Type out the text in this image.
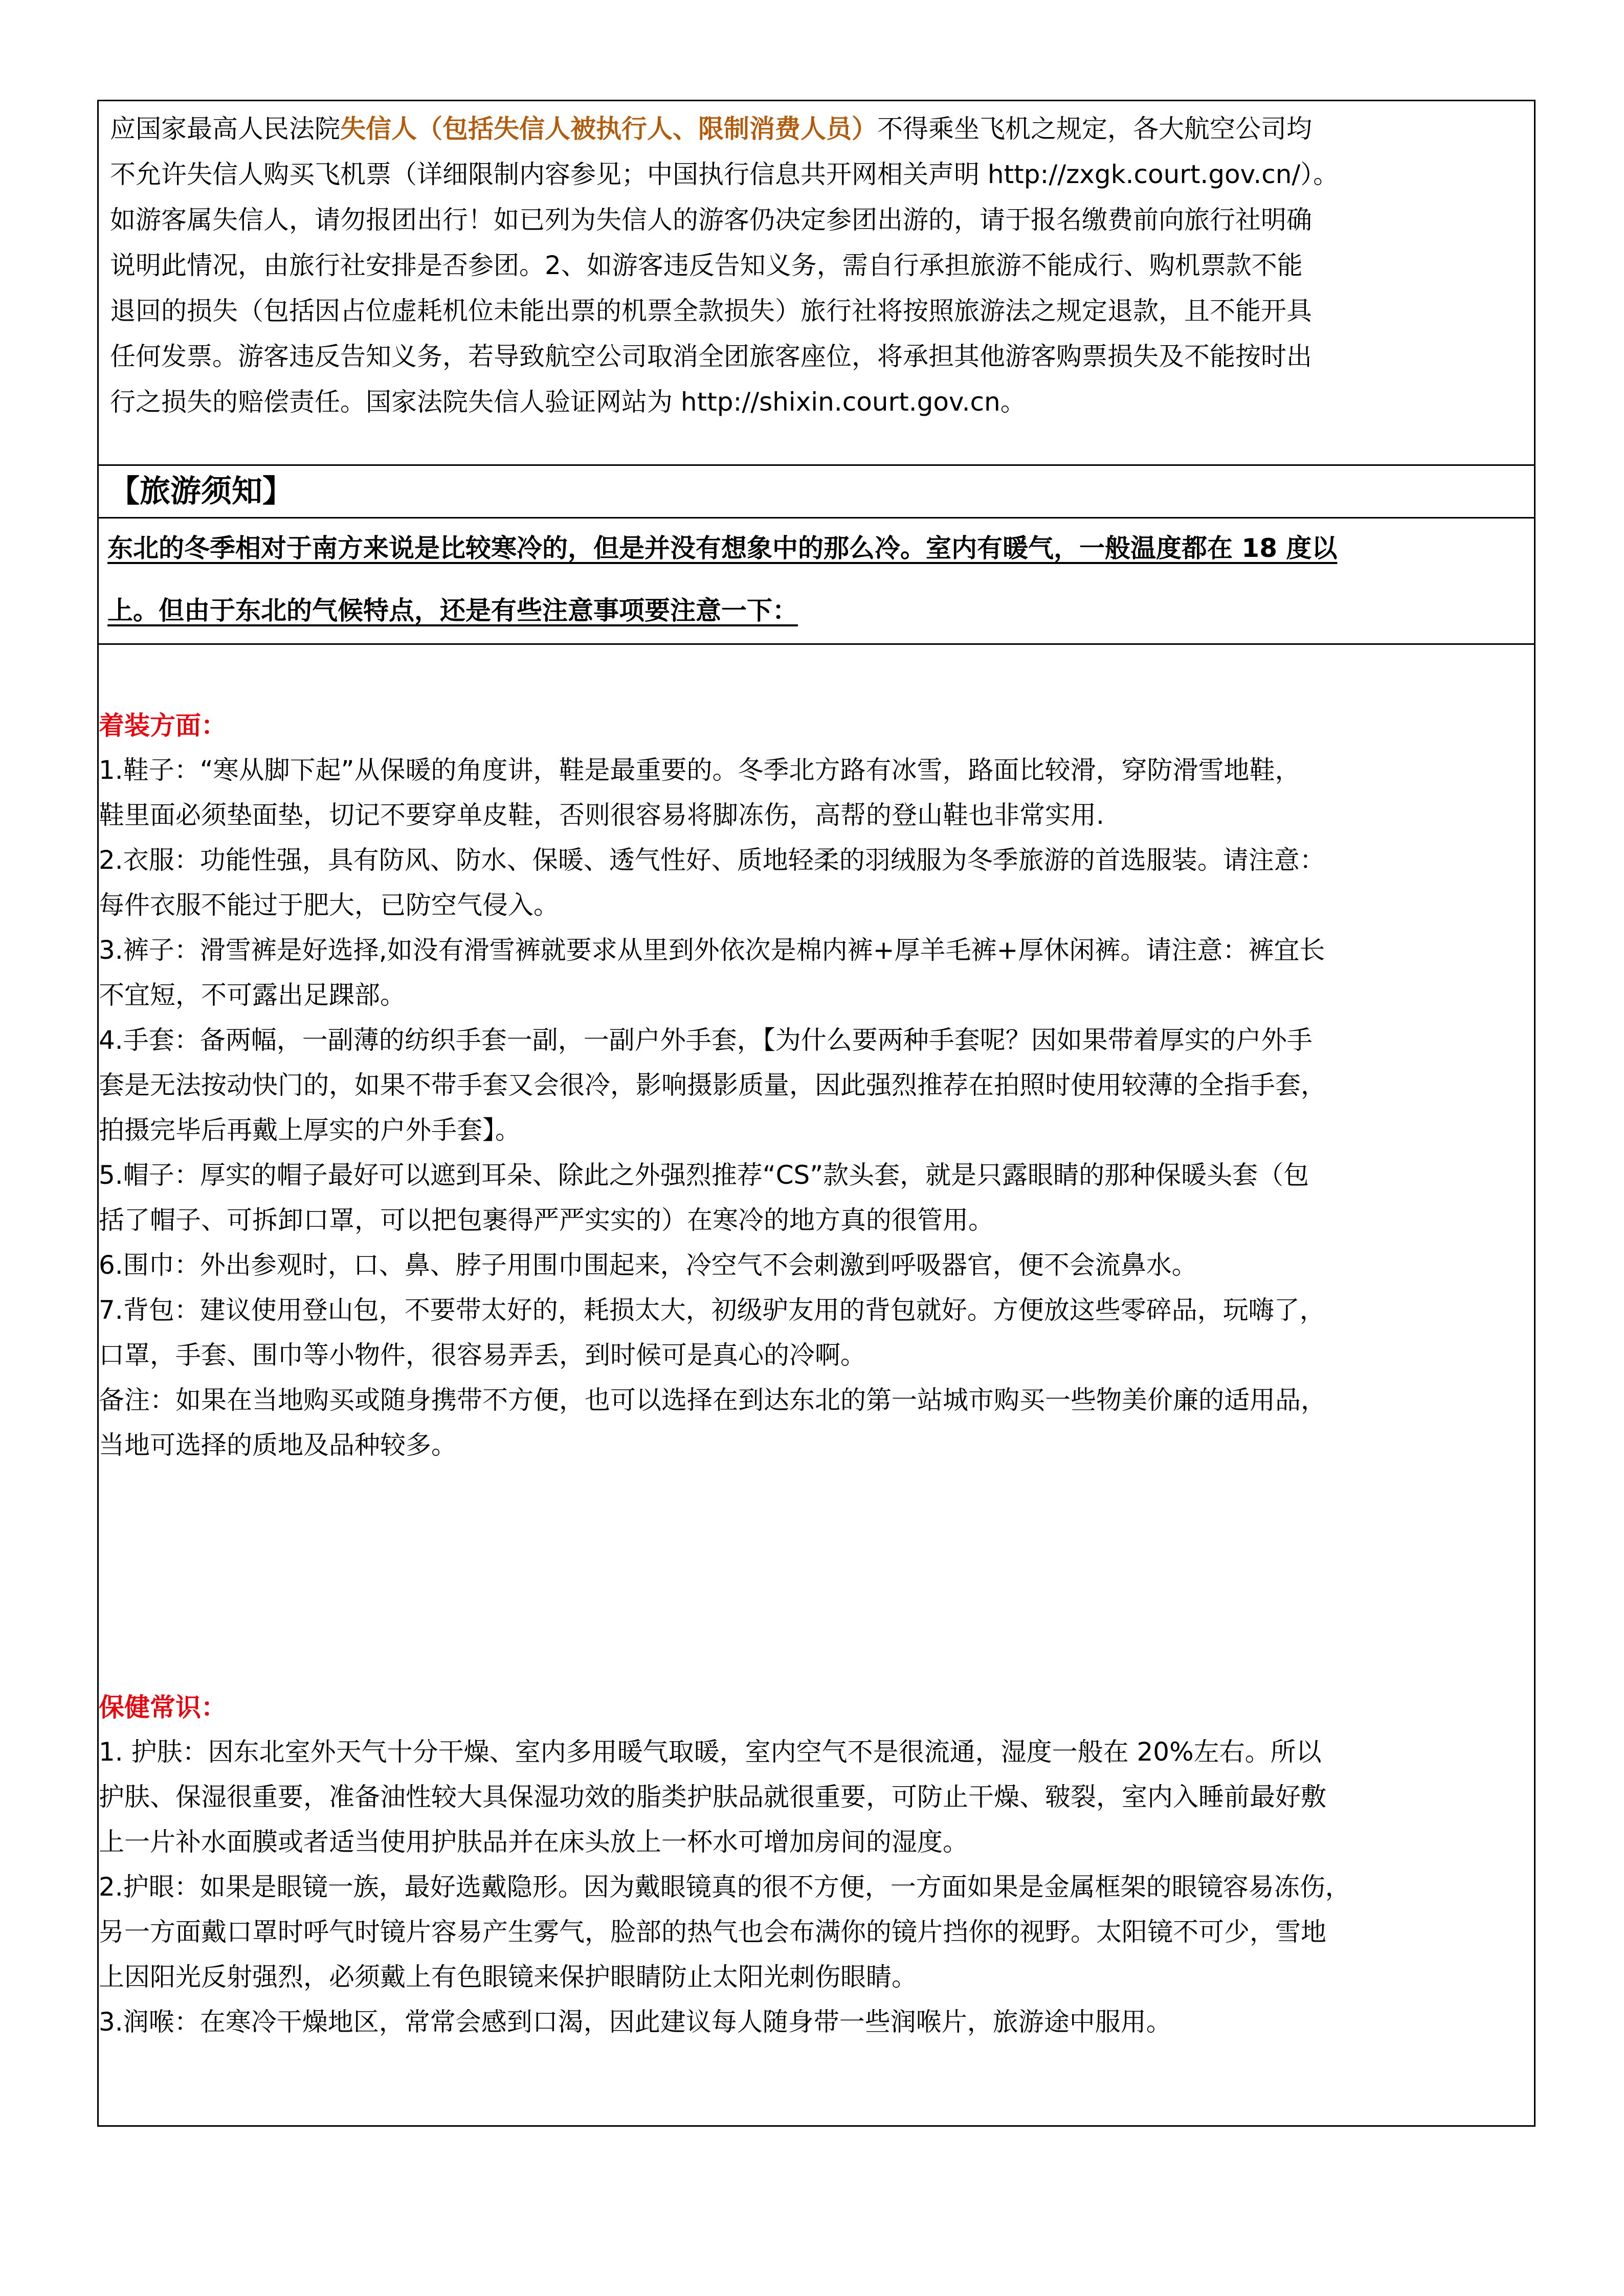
应国家最高人民法院失信人（包括失信人被执行人、限制消费人员）不得乘坐飞机之规定，各大航空公司均

不允许失信人购买飞机票（详细限制内容参见；中国执行信息共开网相关声明 http://zxgk.court.gov.cn/）。

如游客属失信人，请勿报团出行！如已列为失信人的游客仍决定参团出游的，请于报名缴费前向旅行社明确

说明此情况，由旅行社安排是否参团。2、如游客违反告知义务，需自行承担旅游不能成行、购机票款不能

退回的损失（包括因占位虚耗机位未能出票的机票全款损失）旅行社将按照旅游法之规定退款，且不能开具

任何发票。游客违反告知义务，若导致航空公司取消全团旅客座位，将承担其他游客购票损失及不能按时出

行之损失的赔偿责任。国家法院失信人验证网站为 http://shixin.court.gov.cn。

【旅游须知】
东北的冬季相对于南方来说是比较寒冷的，但是并没有想象中的那么冷。室内有暖气，一般温度都在 18 度以
上。但由于东北的气候特点，还是有些注意事项要注意一下：
着装方面：

1.鞋子：“寒从脚下起”从保暖的角度讲，鞋是最重要的。冬季北方路有冰雪，路面比较滑，穿防滑雪地鞋，

鞋里面必须垫面垫，切记不要穿单皮鞋，否则很容易将脚冻伤，高帮的登山鞋也非常实用.

2.衣服：功能性强，具有防风、防水、保暖、透气性好、质地轻柔的羽绒服为冬季旅游的首选服装。请注意：

每件衣服不能过于肥大，已防空气侵入。

3.裤子：滑雪裤是好选择,如没有滑雪裤就要求从里到外依次是棉内裤+厚羊毛裤+厚休闲裤。请注意：裤宜长

不宜短，不可露出足踝部。

4.手套：备两幅，一副薄的纺织手套一副，一副户外手套，【为什么要两种手套呢？因如果带着厚实的户外手

套是无法按动快门的，如果不带手套又会很冷，影响摄影质量，因此强烈推荐在拍照时使用较薄的全指手套，

拍摄完毕后再戴上厚实的户外手套】。

5.帽子：厚实的帽子最好可以遮到耳朵、除此之外强烈推荐“CS”款头套，就是只露眼睛的那种保暖头套（包

括了帽子、可拆卸口罩，可以把包裹得严严实实的）在寒冷的地方真的很管用。

6.围巾：外出参观时，口、鼻、脖子用围巾围起来，冷空气不会刺激到呼吸器官，便不会流鼻水。

7.背包：建议使用登山包，不要带太好的，耗损太大，初级驴友用的背包就好。方便放这些零碎品，玩嗨了，

口罩，手套、围巾等小物件，很容易弄丢，到时候可是真心的冷啊。

备注：如果在当地购买或随身携带不方便，也可以选择在到达东北的第一站城市购买一些物美价廉的适用品，

当地可选择的质地及品种较多。

保健常识：

1. 护肤：因东北室外天气十分干燥、室内多用暖气取暖，室内空气不是很流通，湿度一般在 20%左右。所以

护肤、保湿很重要，准备油性较大具保湿功效的脂类护肤品就很重要，可防止干燥、皲裂，室内入睡前最好敷

上一片补水面膜或者适当使用护肤品并在床头放上一杯水可增加房间的湿度。

2.护眼：如果是眼镜一族，最好选戴隐形。因为戴眼镜真的很不方便，一方面如果是金属框架的眼镜容易冻伤，

另一方面戴口罩时呼气时镜片容易产生雾气，脸部的热气也会布满你的镜片挡你的视野。太阳镜不可少，雪地

上因阳光反射强烈，必须戴上有色眼镜来保护眼睛防止太阳光刺伤眼睛。

3.润喉：在寒冷干燥地区，常常会感到口渴，因此建议每人随身带一些润喉片，旅游途中服用。
